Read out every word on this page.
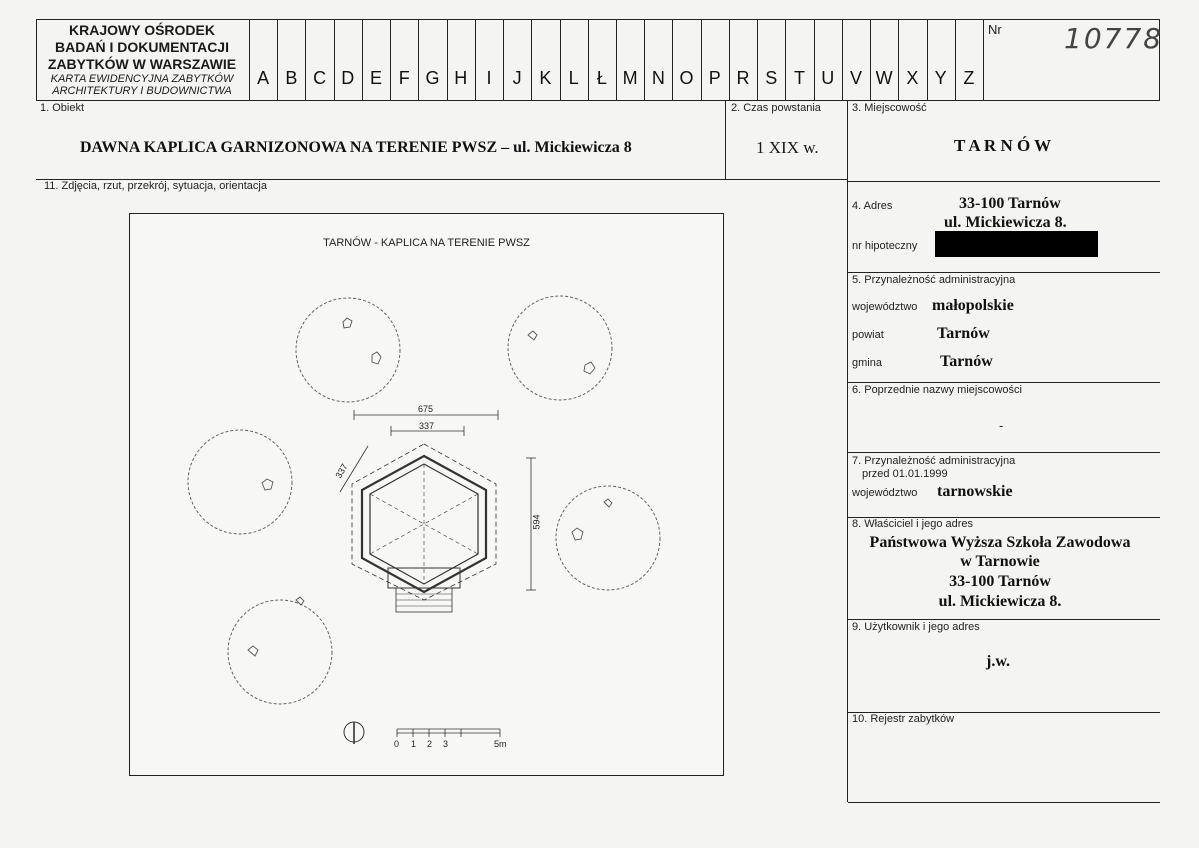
KRAJOWY OŚRODEK
BADAŃ I DOKUMENTACJI
ZABYTKÓW W WARSZAWIE
KARTA EWIDENCYJNA ZABYTKÓW
ARCHITEKTURY I BUDOWNICTWA
A B C D E F G H	I	J K L	Ł M N O P R S T U V W X Y Z
Nr 10778
1. Obiekt
DAWNA KAPLICA GARNIZONOWA NA TERENIE PWSZ – ul. Mickiewicza 8
2. Czas powstania
1 XIX w.
3. Miejscowość
T A R N Ó W
11. Zdjęcia, rzut, przekrój, sytuacja, orientacja
4. Adres	33-100 Tarnów
ul. Mickiewicza 8.
nr hipoteczny
5. Przynależność administracyjna
województwo małopolskie
powiat	Tarnów
gmina	Tarnów
6. Poprzednie nazwy miejscowości
-
7. Przynależność administracyjna
przed 01.01.1999
województwo tarnowskie
8. Właściciel i jego adres
Państwowa Wyższa Szkoła Zawodowa
w Tarnowie
33-100 Tarnów
ul. Mickiewicza 8.
9. Użytkownik i jego adres
j.w.
10. Rejestr zabytków
TARNÓW - KAPLICA NA TERENIE PWSZ
675
337
337
594
0 1 2 3	5m
